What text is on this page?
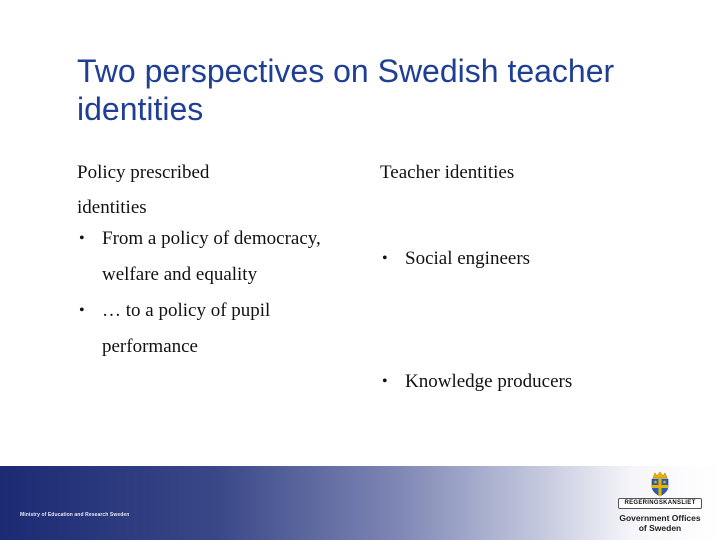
Two perspectives on Swedish teacher identities

Policy prescribed
identities

• From a policy of democracy, welfare and equality
• … to a policy of pupil performance

Teacher identities

• Social engineers
• Knowledge producers
Ministry of Education and Research Sweden
REGERINGSKANSLIET
Government Offices
of Sweden
